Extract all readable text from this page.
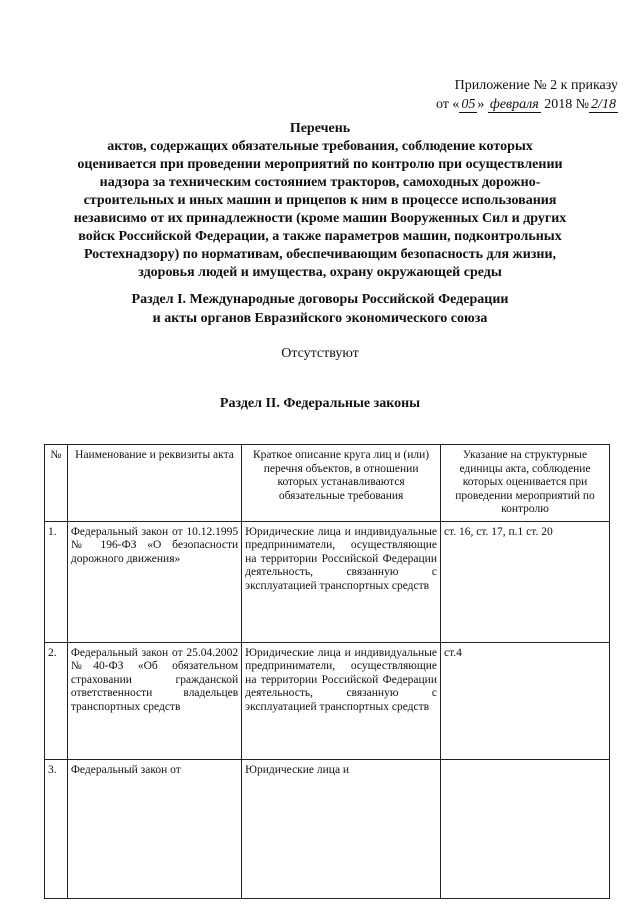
Приложение № 2 к приказу
от « 05 » февраля 2018 № 2/18
Перечень
актов, содержащих обязательные требования, соблюдение которых
оценивается при проведении мероприятий по контролю при осуществлении
надзора за техническим состоянием тракторов, самоходных дорожно-
строительных и иных машин и прицепов к ним в процессе использования
независимо от их принадлежности (кроме машин Вооруженных Сил и других
войск Российской Федерации, а также параметров машин, подконтрольных
Ростехнадзору) по нормативам, обеспечивающим безопасность для жизни,
здоровья людей и имущества, охрану окружающей среды
Раздел I. Международные договоры Российской Федерации
и акты органов Евразийского экономического союза
Отсутствуют
Раздел II. Федеральные законы
№	Наименование и реквизиты акта	Краткое описание круга лиц и (или) перечня объектов, в отношении которых устанавливаются обязательные требования	Указание на структурные единицы акта, соблюдение которых оценивается при проведении мероприятий по контролю
1.	Федеральный закон от 10.12.1995 № 196-ФЗ «О безопасности дорожного движения»	Юридические лица и индивидуальные предприниматели, осуществляющие на территории Российской Федерации деятельность, связанную с эксплуатацией транспортных средств	ст. 16, ст. 17, п.1 ст. 20
2.	Федеральный закон от 25.04.2002 №40-ФЗ «Об обязательном страховании гражданской ответственности владельцев транспортных средств	Юридические лица и индивидуальные предприниматели, осуществляющие на территории Российской Федерации деятельность, связанную с эксплуатацией транспортных средств	ст.4
3.	Федеральный закон от	Юридические лица и	
